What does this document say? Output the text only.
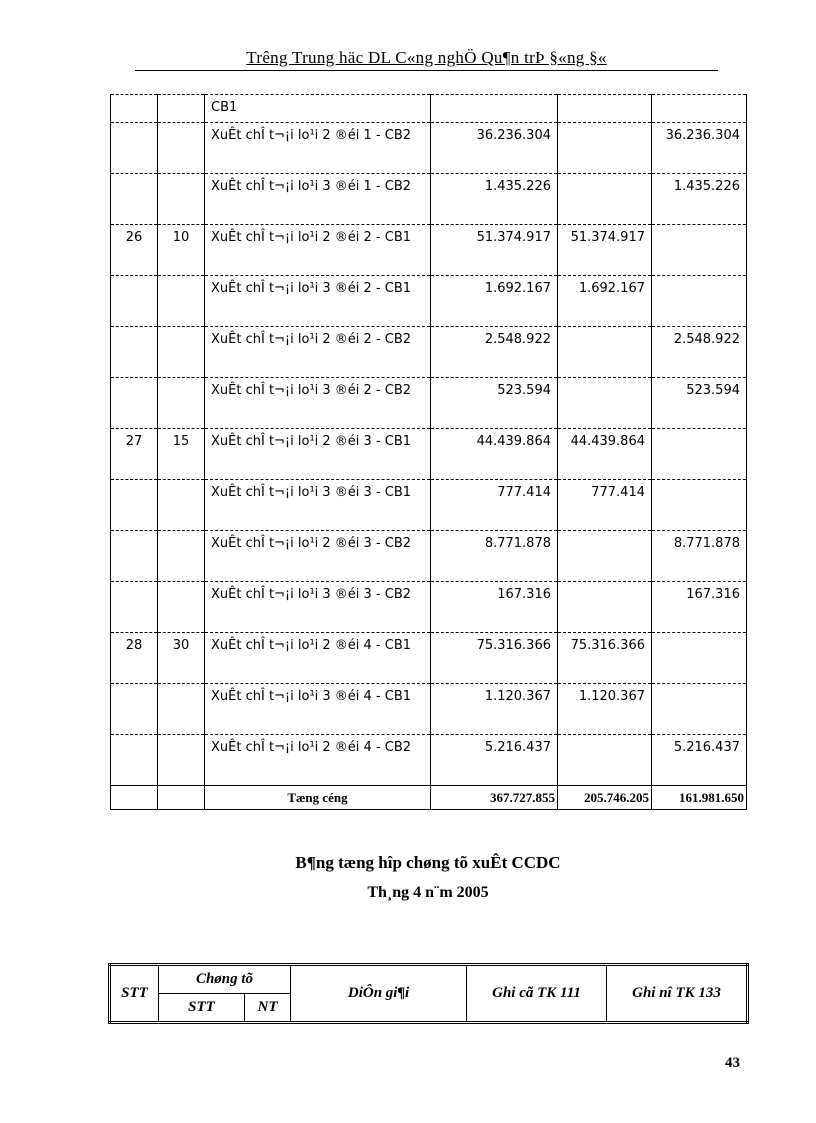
Trêng Trung häc DL C«ng nghÖ Qu¶n trÞ §«ng §«
		CB1			
		XuÊt chÎ t¬¡i lo¹i 2 ®éi 1 - CB2	36.236.304		36.236.304
		XuÊt chÎ t¬¡i lo¹i 3 ®éi 1 - CB2	1.435.226		1.435.226
26	10	XuÊt chÎ t¬¡i lo¹i 2 ®éi 2 - CB1	51.374.917	51.374.917	
		XuÊt chÎ t¬¡i lo¹i 3 ®éi 2 - CB1	1.692.167	1.692.167	
		XuÊt chÎ t¬¡i lo¹i 2 ®éi 2 - CB2	2.548.922		2.548.922
		XuÊt chÎ t¬¡i lo¹i 3 ®éi 2 - CB2	523.594		523.594
27	15	XuÊt chÎ t¬¡i lo¹i 2 ®éi 3 - CB1	44.439.864	44.439.864	
		XuÊt chÎ t¬¡i lo¹i 3 ®éi 3 - CB1	777.414	777.414	
		XuÊt chÎ t¬¡i lo¹i 2 ®éi 3 - CB2	8.771.878		8.771.878
		XuÊt chÎ t¬¡i lo¹i 3 ®éi 3 - CB2	167.316		167.316
28	30	XuÊt chÎ t¬¡i lo¹i 2 ®éi 4 - CB1	75.316.366	75.316.366	
		XuÊt chÎ t¬¡i lo¹i 3 ®éi 4 - CB1	1.120.367	1.120.367	
		XuÊt chÎ t¬¡i lo¹i 2 ®éi 4 - CB2	5.216.437		5.216.437
		Tæng céng	367.727.855	205.746.205	161.981.650
B¶ng tæng hîp chøng tõ xuÊt CCDC
Th¸ng 4 n¨m 2005
STT	Chøng tõ		DiÔn gi¶i	Ghi cã TK 111	Ghi nî TK 133
	STT	NT			
43
